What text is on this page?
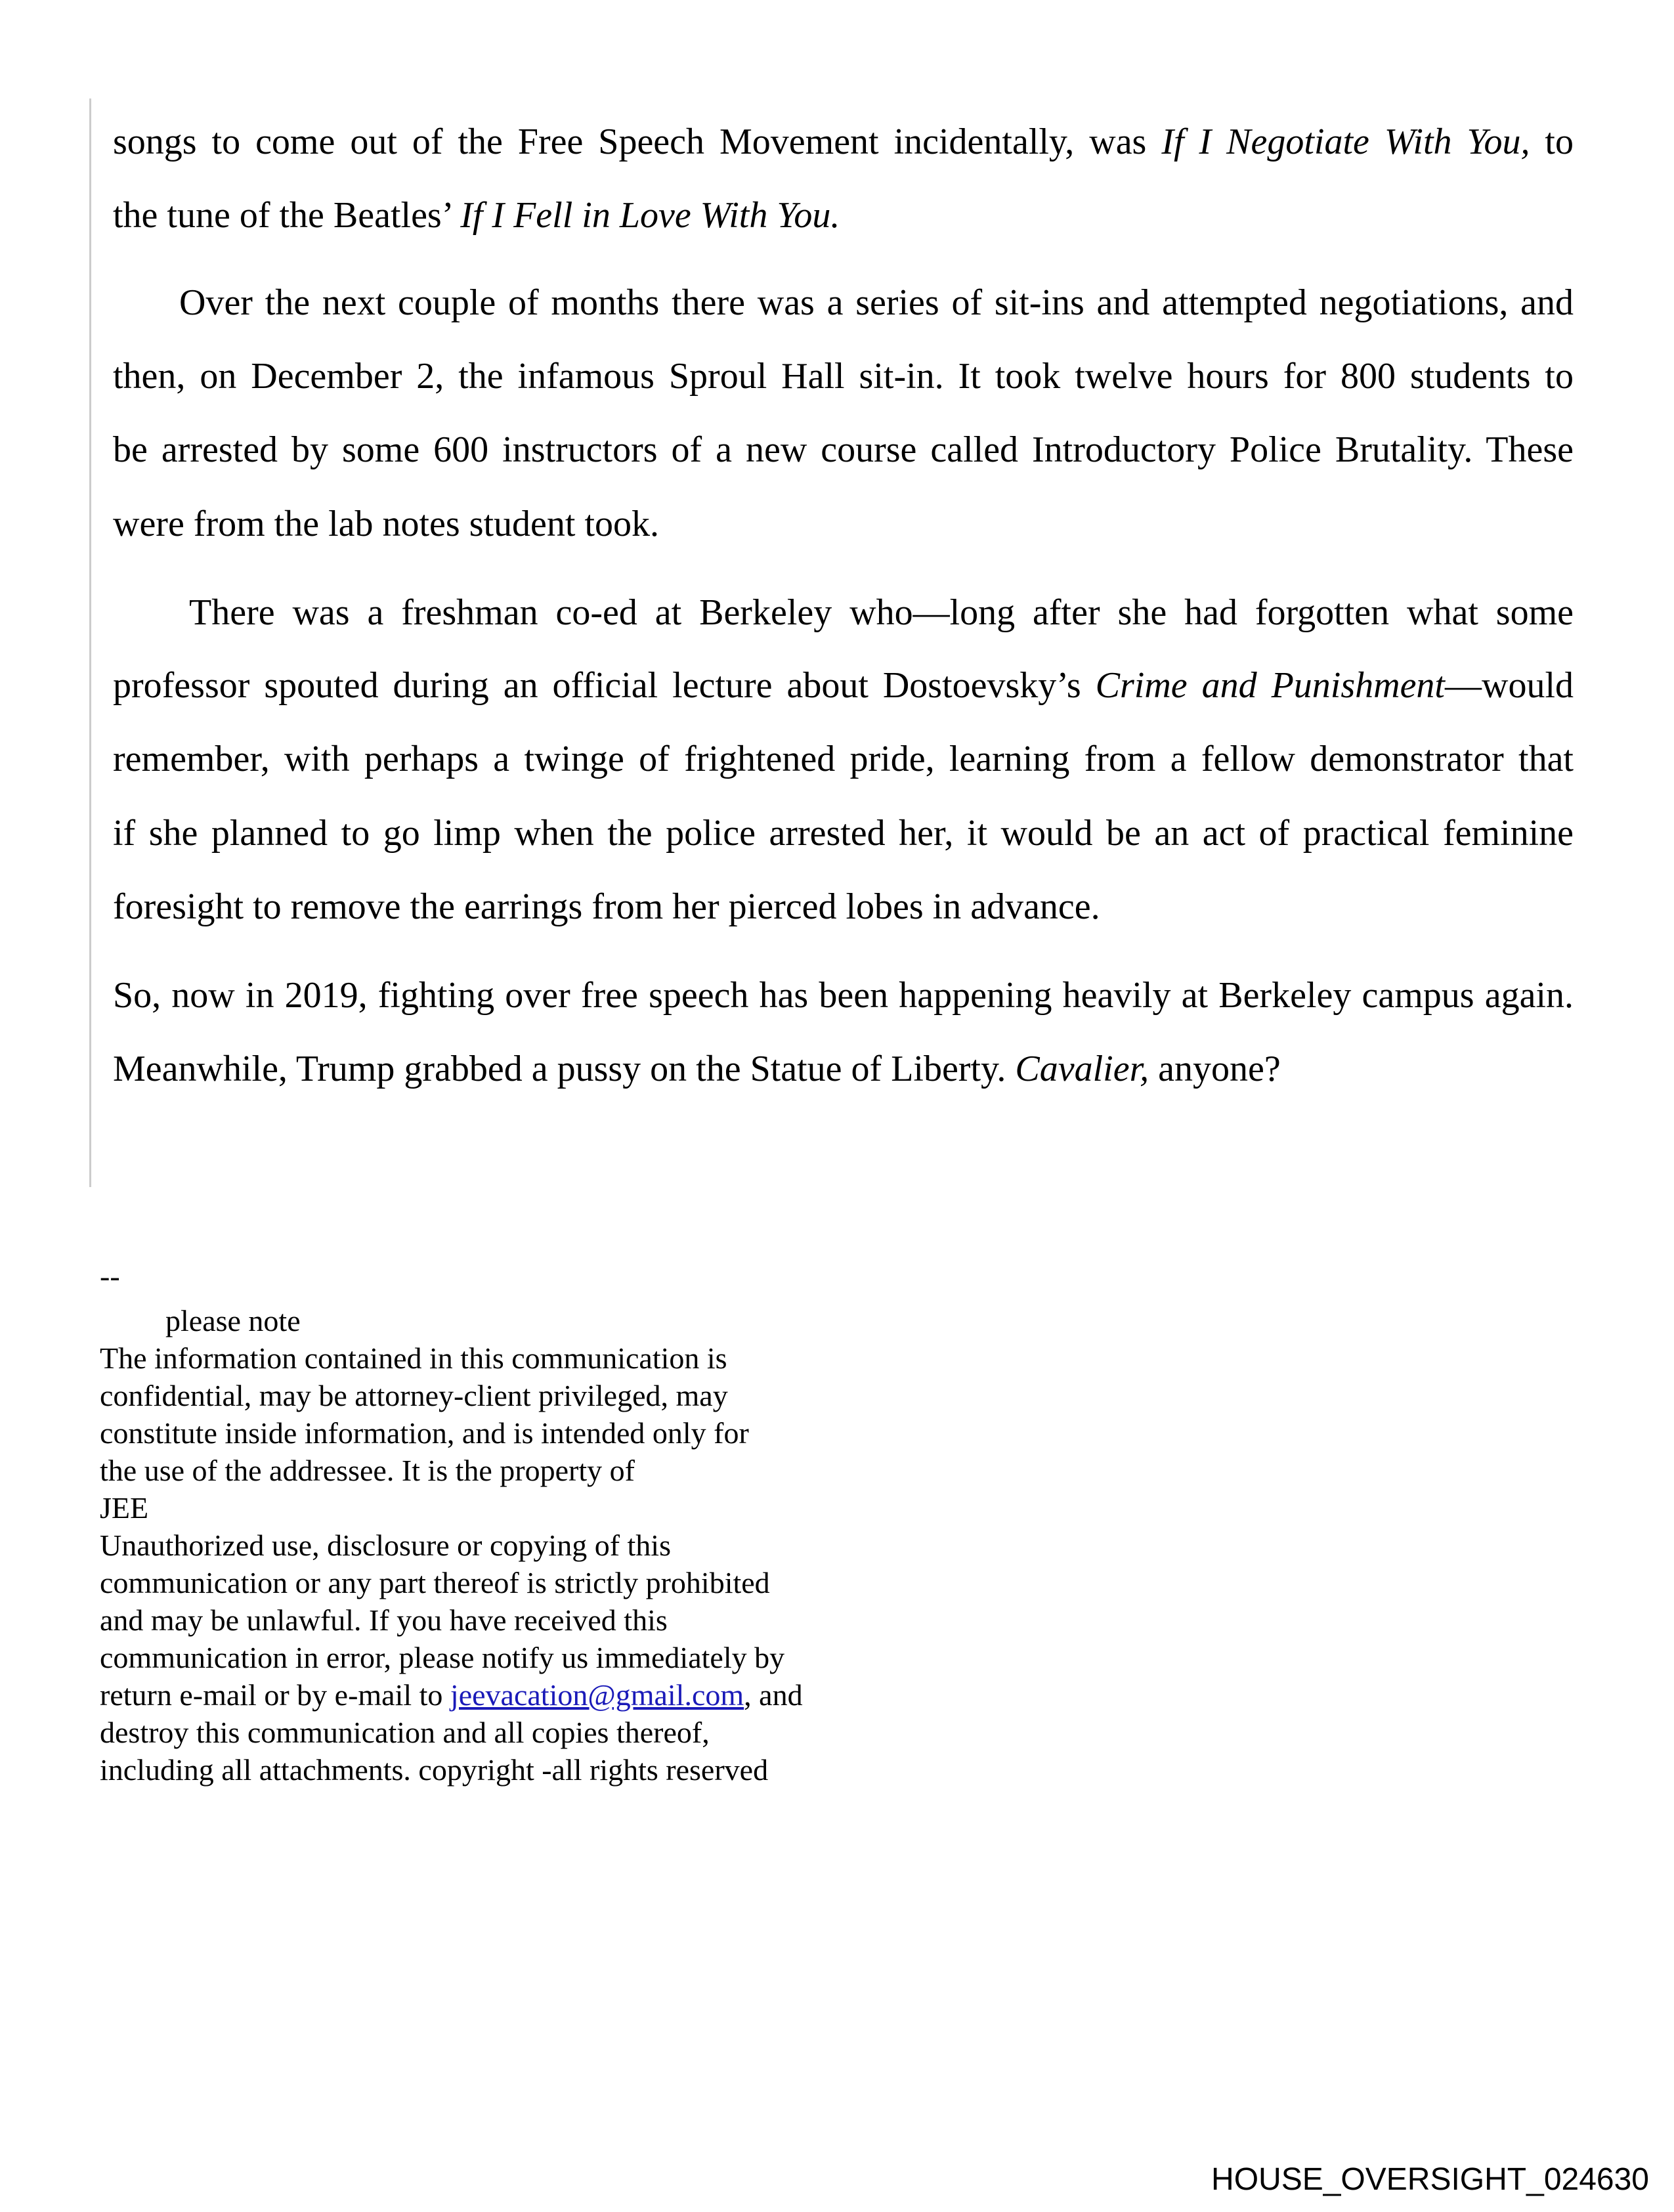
songs to come out of the Free Speech Movement incidentally, was If I Negotiate With You, to
the tune of the Beatles’ If I Fell in Love With You.
Over the next couple of months there was a series of sit-ins and attempted negotiations, and
then, on December 2, the infamous Sproul Hall sit-in. It took twelve hours for 800 students to
be arrested by some 600 instructors of a new course called Introductory Police Brutality. These
were from the lab notes student took.
There was a freshman co-ed at Berkeley who—long after she had forgotten what some
professor spouted during an official lecture about Dostoevsky’s Crime and Punishment—would
remember, with perhaps a twinge of frightened pride, learning from a fellow demonstrator that
if she planned to go limp when the police arrested her, it would be an act of practical feminine
foresight to remove the earrings from her pierced lobes in advance.
So, now in 2019, fighting over free speech has been happening heavily at Berkeley campus again.
Meanwhile, Trump grabbed a pussy on the Statue of Liberty. Cavalier, anyone?
--
please note
The information contained in this communication is
confidential, may be attorney-client privileged, may
constitute inside information, and is intended only for
the use of the addressee. It is the property of
JEE
Unauthorized use, disclosure or copying of this
communication or any part thereof is strictly prohibited
and may be unlawful. If you have received this
communication in error, please notify us immediately by
return e-mail or by e-mail to jeevacation@gmail.com, and
destroy this communication and all copies thereof,
including all attachments. copyright -all rights reserved
HOUSE_OVERSIGHT_024630
